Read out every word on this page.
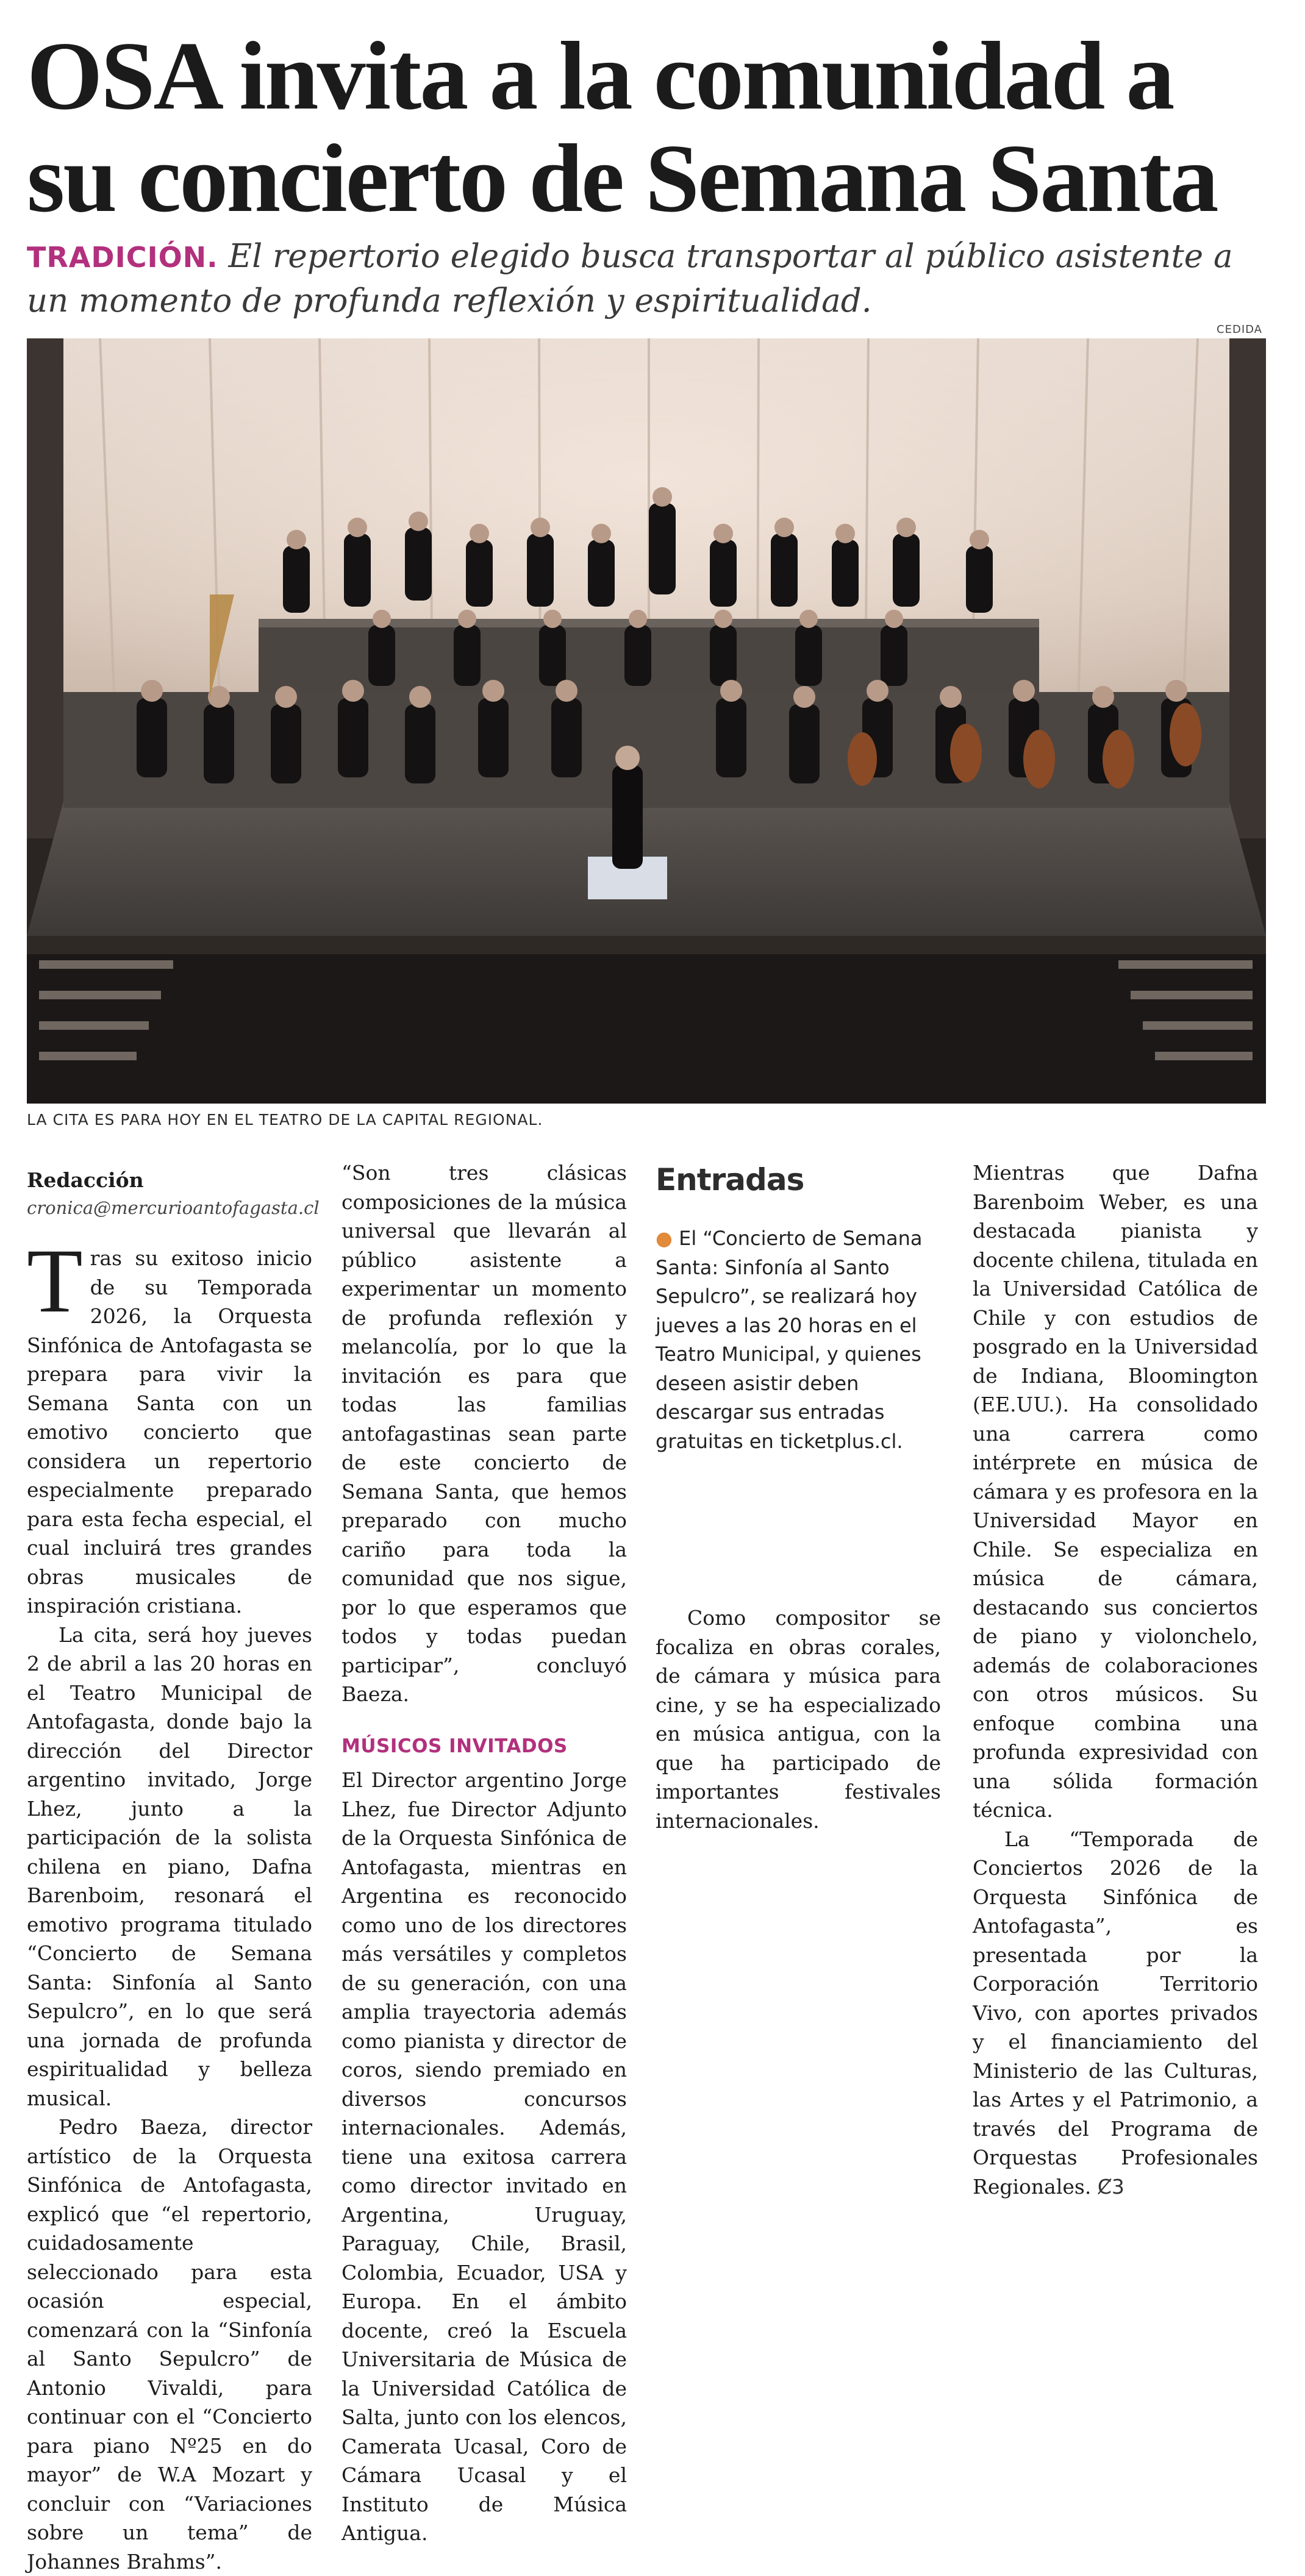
OSA invita a la comunidad a su concierto de Semana Santa
TRADICIÓN. El repertorio elegido busca transportar al público asistente a un momento de profunda reflexión y espiritualidad.
CEDIDA
LA CITA ES PARA HOY EN EL TEATRO DE LA CAPITAL REGIONAL.
Redacción
cronica@mercurioantofagasta.cl

Tras su exitoso inicio de su Temporada 2026, la Orquesta Sinfónica de Antofagasta se prepara para vivir la Semana Santa con un emotivo concierto que considera un repertorio especialmente preparado para esta fecha especial, el cual incluirá tres grandes obras musicales de inspiración cristiana.

La cita, será hoy jueves 2 de abril a las 20 horas en el Teatro Municipal de Antofagasta, donde bajo la dirección del Director argentino invitado, Jorge Lhez, junto a la participación de la solista chilena en piano, Dafna Barenboim, resonará el emotivo programa titulado “Concierto de Semana Santa: Sinfonía al Santo Sepulcro”, en lo que será una jornada de profunda espiritualidad y belleza musical.

Pedro Baeza, director artístico de la Orquesta Sinfónica de Antofagasta, explicó que “el repertorio, cuidadosamente seleccionado para esta ocasión especial, comenzará con la “Sinfonía al Santo Sepulcro” de Antonio Vivaldi, para continuar con el “Concierto para piano Nº25 en do mayor” de W.A Mozart y concluir con “Variaciones sobre un tema” de Johannes Brahms”.

“Son tres clásicas composiciones de la música universal que llevarán al público asistente a experimentar un momento de profunda reflexión y melancolía, por lo que la invitación es para que todas las familias antofagastinas sean parte de este concierto de Semana Santa, que hemos preparado con mucho cariño para toda la comunidad que nos sigue, por lo que esperamos que todos y todas puedan participar”, concluyó Baeza.

MÚSICOS INVITADOS

El Director argentino Jorge Lhez, fue Director Adjunto de la Orquesta Sinfónica de Antofagasta, mientras en Argentina es reconocido como uno de los directores más versátiles y completos de su generación, con una amplia trayectoria además como pianista y director de coros, siendo premiado en diversos concursos internacionales. Además, tiene una exitosa carrera como director invitado en Argentina, Uruguay, Paraguay, Chile, Brasil, Colombia, Ecuador, USA y Europa. En el ámbito docente, creó la Escuela Universitaria de Música de la Universidad Católica de Salta, junto con los elencos, Camerata Ucasal, Coro de Cámara Ucasal y el Instituto de Música Antigua.

Entradas
● El “Concierto de Semana Santa: Sinfonía al Santo Sepulcro”, se realizará hoy jueves a las 20 horas en el Teatro Municipal, y quienes deseen asistir deben descargar sus entradas gratuitas en ticketplus.cl.

Como compositor se focaliza en obras corales, de cámara y música para cine, y se ha especializado en música antigua, con la que ha participado de importantes festivales internacionales.

Mientras que Dafna Barenboim Weber, es una destacada pianista y docente chilena, titulada en la Universidad Católica de Chile y con estudios de posgrado en la Universidad de Indiana, Bloomington (EE.UU.). Ha consolidado una carrera como intérprete en música de cámara y es profesora en la Universidad Mayor en Chile. Se especializa en música de cámara, destacando sus conciertos de piano y violonchelo, además de colaboraciones con otros músicos. Su enfoque combina una profunda expresividad con una sólida formación técnica.

La “Temporada de Conciertos 2026 de la Orquesta Sinfónica de Antofagasta”, es presentada por la Corporación Territorio Vivo, con aportes privados y el financiamiento del Ministerio de las Culturas, las Artes y el Patrimonio, a través del Programa de Orquestas Profesionales Regionales. Ȼ3
